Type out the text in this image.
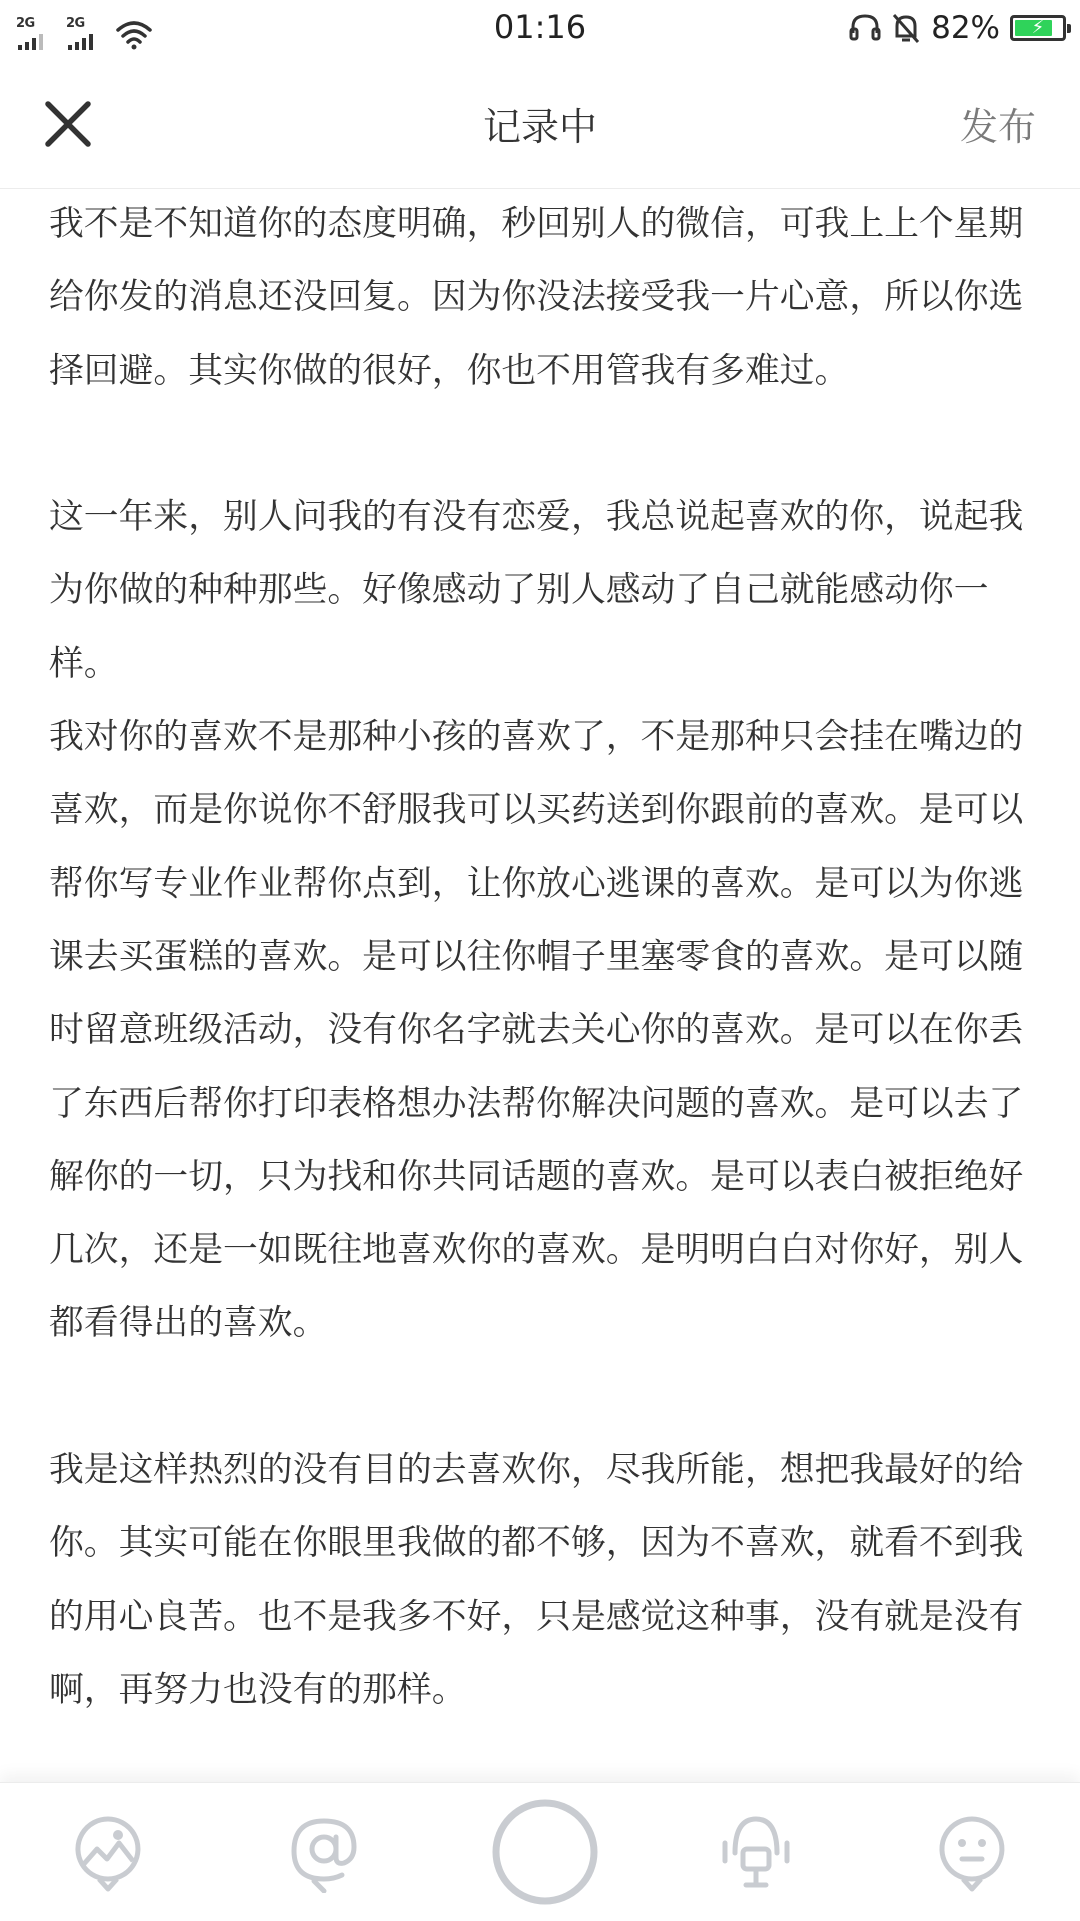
2G 2G	01:16	82%	⚡
记录中	发布

我不是不知道你的态度明确，秒回别人的微信，可我上上个星期给你发的消息还没回复。因为你没法接受我一片心意，所以你选择回避。其实你做的很好，你也不用管我有多难过。

这一年来，别人问我的有没有恋爱，我总说起喜欢的你，说起我为你做的种种那些。好像感动了别人感动了自己就能感动你一样。

我对你的喜欢不是那种小孩的喜欢了，不是那种只会挂在嘴边的喜欢，而是你说你不舒服我可以买药送到你跟前的喜欢。是可以帮你写专业作业帮你点到，让你放心逃课的喜欢。是可以为你逃课去买蛋糕的喜欢。是可以往你帽子里塞零食的喜欢。是可以随时留意班级活动，没有你名字就去关心你的喜欢。是可以在你丢了东西后帮你打印表格想办法帮你解决问题的喜欢。是可以去了解你的一切，只为找和你共同话题的喜欢。是可以表白被拒绝好几次，还是一如既往地喜欢你的喜欢。是明明白白对你好，别人都看得出的喜欢。

我是这样热烈的没有目的去喜欢你，尽我所能，想把我最好的给你。其实可能在你眼里我做的都不够，因为不喜欢，就看不到我的用心良苦。也不是我多不好，只是感觉这种事，没有就是没有啊，再努力也没有的那样。
